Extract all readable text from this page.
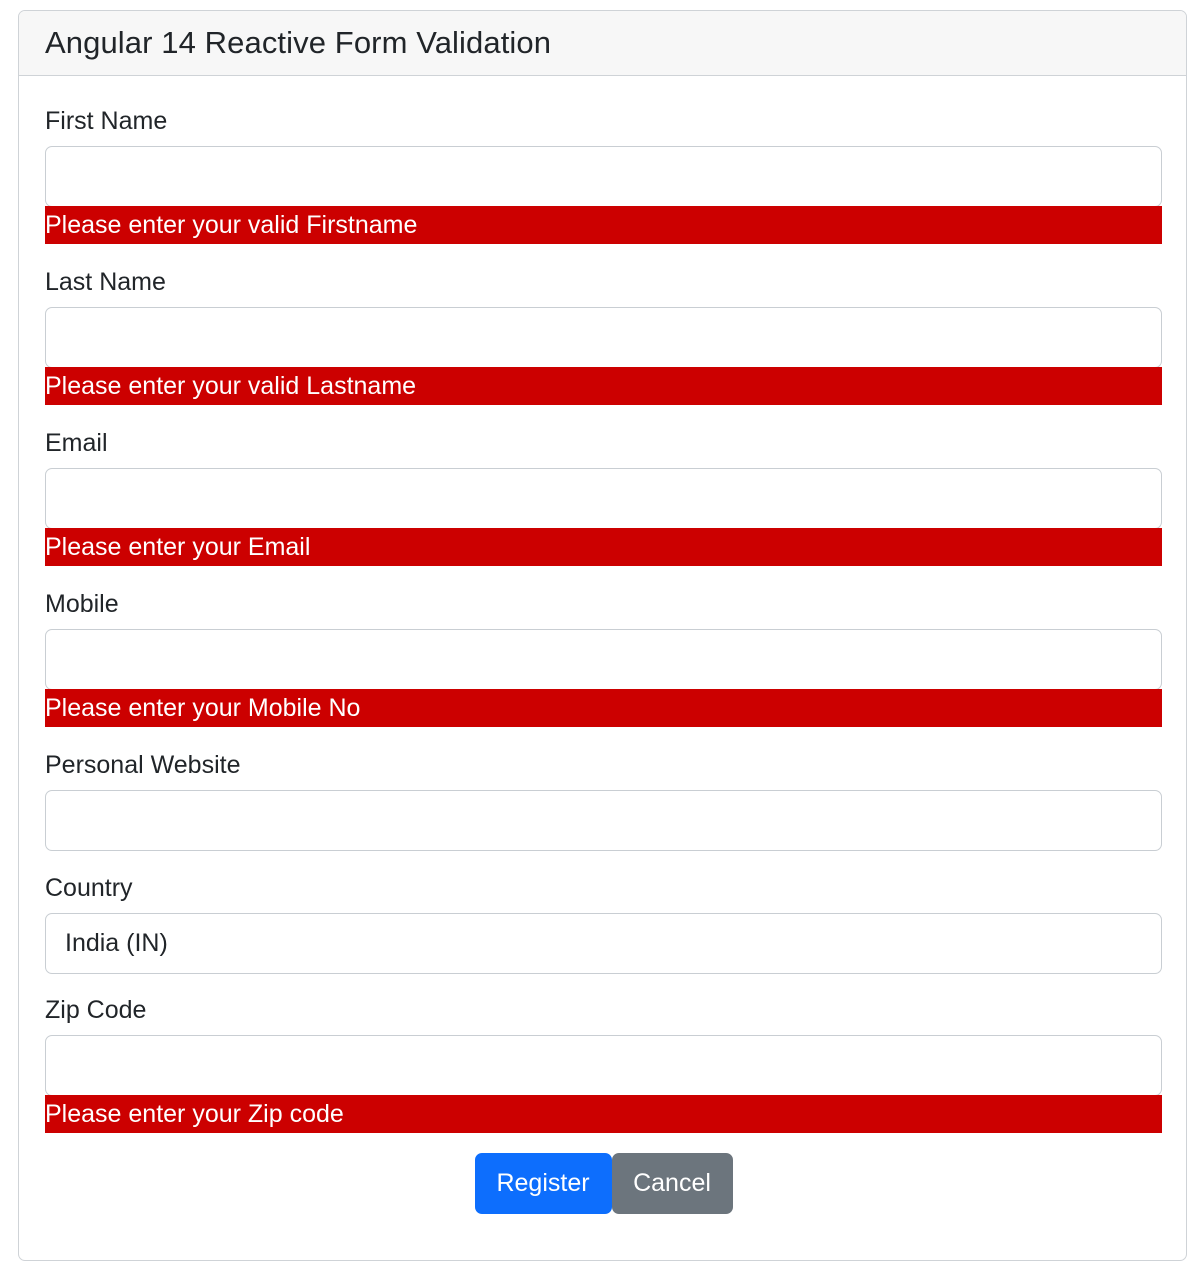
Angular 14 Reactive Form Validation
First Name
Please enter your valid Firstname
Last Name
Please enter your valid Lastname
Email
Please enter your Email
Mobile
Please enter your Mobile No
Personal Website
Country
India (IN)
Zip Code
Please enter your Zip code
Register	Cancel
